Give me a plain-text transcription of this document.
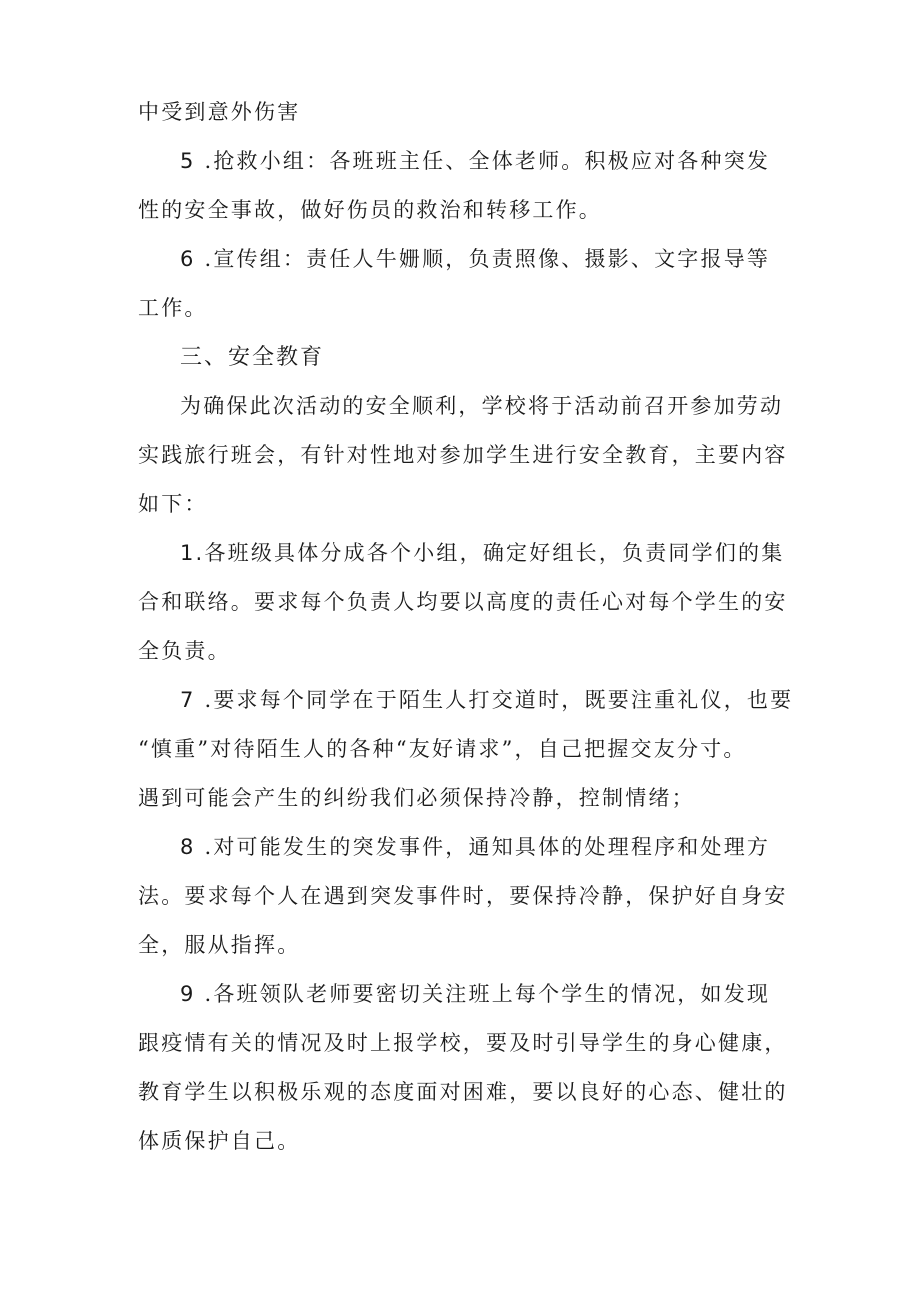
中受到意外伤害

5 .抢救小组：各班班主任、全体老师。积极应对各种突发

性的安全事故，做好伤员的救治和转移工作。

6 .宣传组：责任人牛姗顺，负责照像、摄影、文字报导等

工作。

三、安全教育

为确保此次活动的安全顺利，学校将于活动前召开参加劳动

实践旅行班会，有针对性地对参加学生进行安全教育，主要内容

如下：

1.各班级具体分成各个小组，确定好组长，负责同学们的集

合和联络。要求每个负责人均要以高度的责任心对每个学生的安

全负责。

7 .要求每个同学在于陌生人打交道时，既要注重礼仪，也要

“慎重”对待陌生人的各种“友好请求”，自己把握交友分寸。

遇到可能会产生的纠纷我们必须保持冷静，控制情绪；

8 .对可能发生的突发事件，通知具体的处理程序和处理方

法。要求每个人在遇到突发事件时，要保持冷静，保护好自身安

全，服从指挥。

9 .各班领队老师要密切关注班上每个学生的情况，如发现

跟疫情有关的情况及时上报学校，要及时引导学生的身心健康，

教育学生以积极乐观的态度面对困难，要以良好的心态、健壮的

体质保护自己。
